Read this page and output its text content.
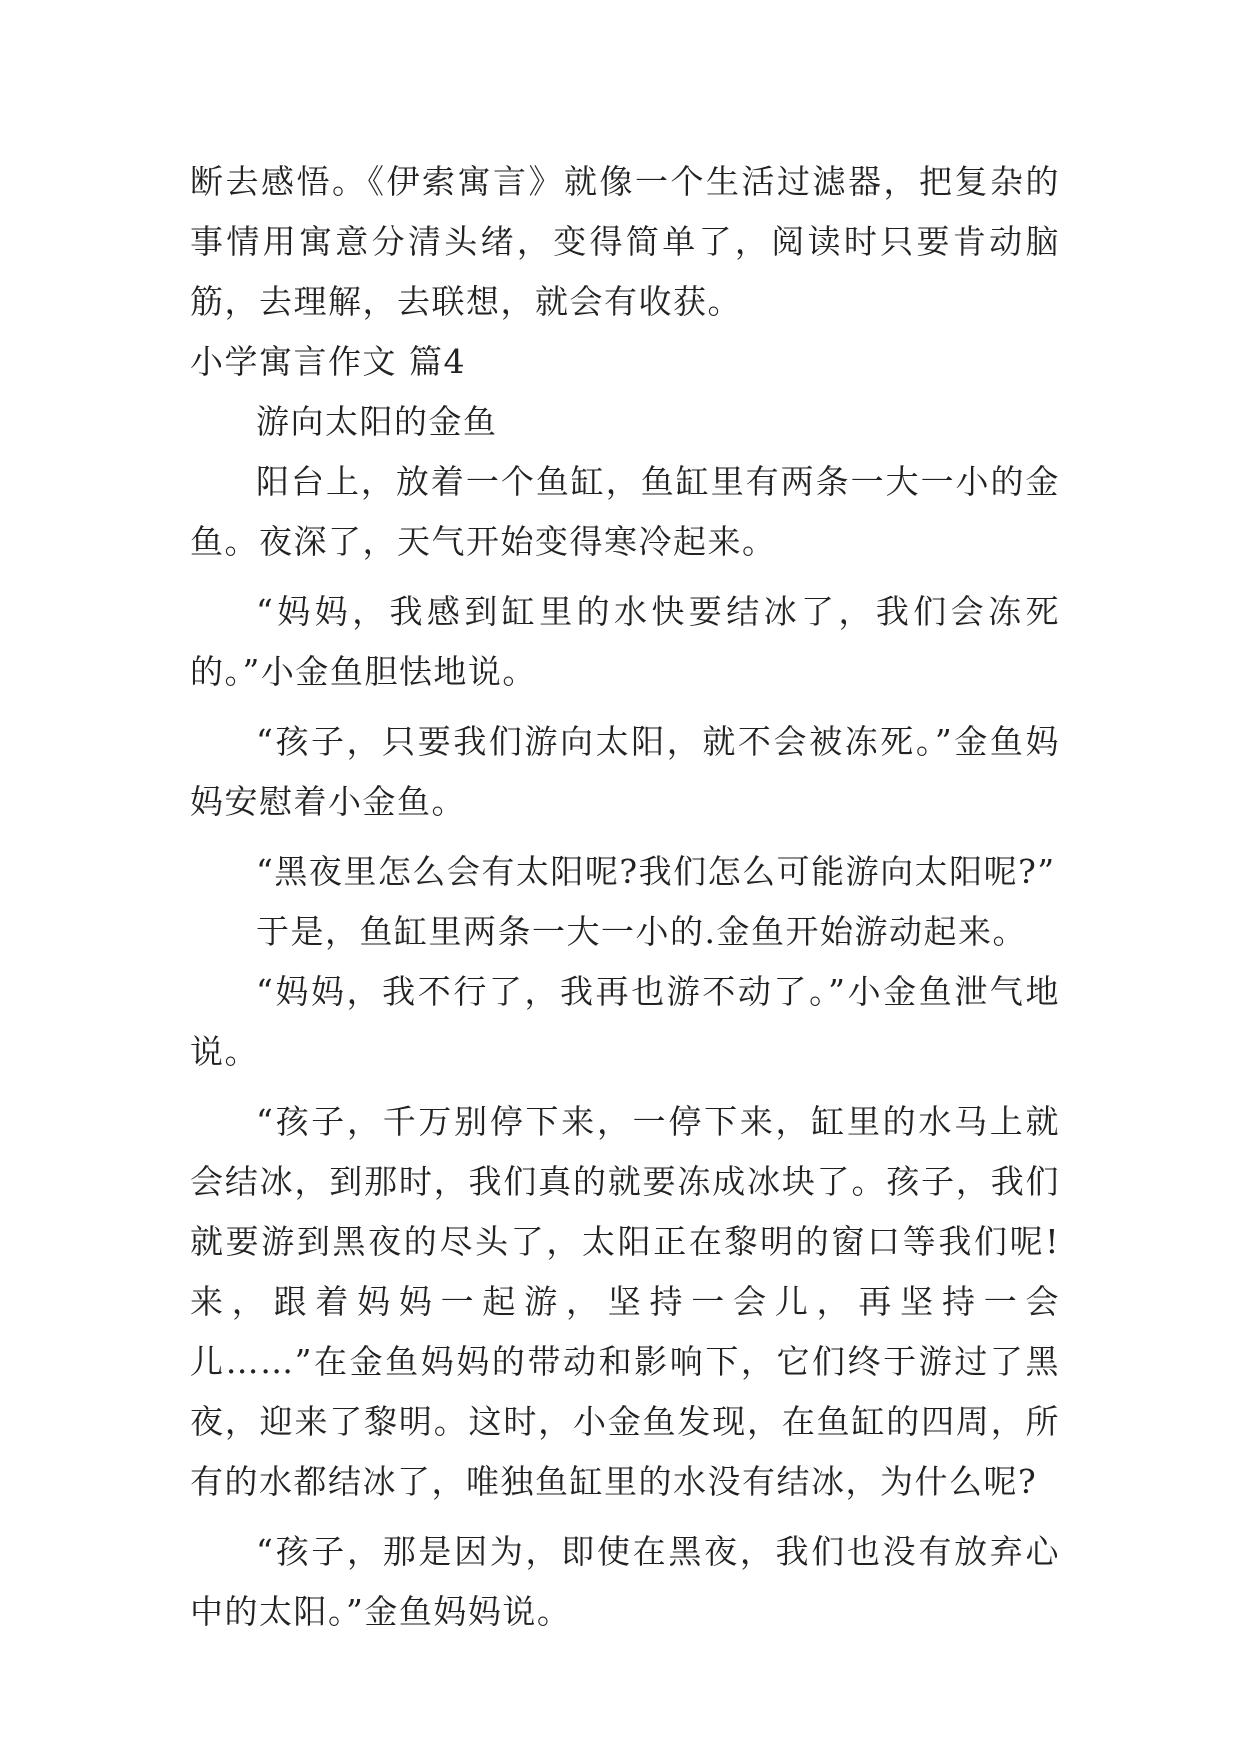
断去感悟。《伊索寓言》就像一个生活过滤器，把复杂的事情用寓意分清头绪，变得简单了，阅读时只要肯动脑筋，去理解，去联想，就会有收获。

小学寓言作文 篇4

游向太阳的金鱼

阳台上，放着一个鱼缸，鱼缸里有两条一大一小的金鱼。夜深了，天气开始变得寒冷起来。

“妈妈，我感到缸里的水快要结冰了，我们会冻死的。”小金鱼胆怯地说。

“孩子，只要我们游向太阳，就不会被冻死。”金鱼妈妈安慰着小金鱼。

“黑夜里怎么会有太阳呢?我们怎么可能游向太阳呢?”

于是，鱼缸里两条一大一小的.金鱼开始游动起来。

“妈妈，我不行了，我再也游不动了。”小金鱼泄气地说。

“孩子，千万别停下来，一停下来，缸里的水马上就会结冰，到那时，我们真的就要冻成冰块了。孩子，我们就要游到黑夜的尽头了，太阳正在黎明的窗口等我们呢!来，跟着妈妈一起游，坚持一会儿，再坚持一会儿……”在金鱼妈妈的带动和影响下，它们终于游过了黑夜，迎来了黎明。这时，小金鱼发现，在鱼缸的四周，所有的水都结冰了，唯独鱼缸里的水没有结冰，为什么呢?

“孩子，那是因为，即使在黑夜，我们也没有放弃心中的太阳。”金鱼妈妈说。
